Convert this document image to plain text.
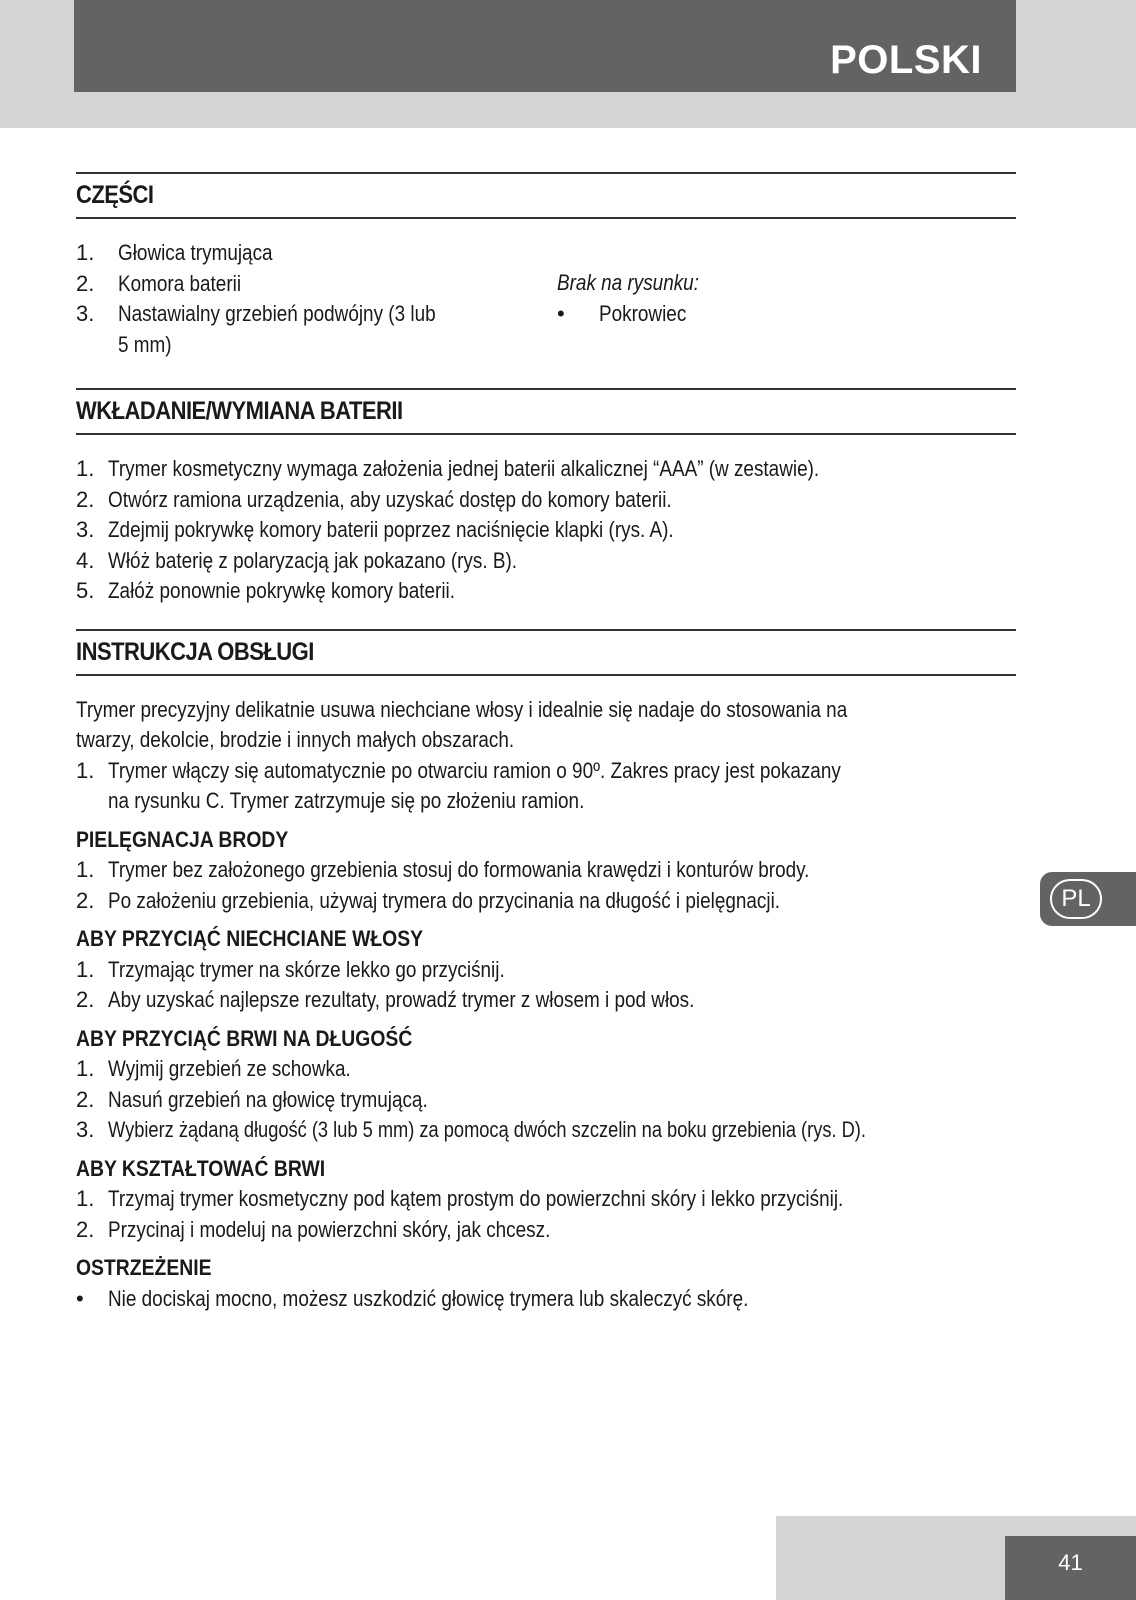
POLSKI
CZĘŚCI
1.	Głowica trymująca
2.	Komora baterii
3.	Nastawialny grzebień podwójny (3 lub
5 mm)
Brak na rysunku:
•	Pokrowiec
WKŁADANIE/WYMIANA BATERII
1. Trymer kosmetyczny wymaga założenia jednej baterii alkalicznej “AAA” (w zestawie).
2. Otwórz ramiona urządzenia, aby uzyskać dostęp do komory baterii.
3. Zdejmij pokrywkę komory baterii poprzez naciśnięcie klapki (rys. A).
4. Włóż baterię z polaryzacją jak pokazano (rys. B).
5. Załóż ponownie pokrywkę komory baterii.
INSTRUKCJA OBSŁUGI
Trymer precyzyjny delikatnie usuwa niechciane włosy i idealnie się nadaje do stosowania na
twarzy, dekolcie, brodzie i innych małych obszarach.
1. Trymer włączy się automatycznie po otwarciu ramion o 90º. Zakres pracy jest pokazany
na rysunku C. Trymer zatrzymuje się po złożeniu ramion.
PIELĘGNACJA BRODY
1. Trymer bez założonego grzebienia stosuj do formowania krawędzi i konturów brody.
2. Po założeniu grzebienia, używaj trymera do przycinania na długość i pielęgnacji.
ABY PRZYCIĄĆ NIECHCIANE WŁOSY
1. Trzymając trymer na skórze lekko go przyciśnij.
2. Aby uzyskać najlepsze rezultaty, prowadź trymer z włosem i pod włos.
ABY PRZYCIĄĆ BRWI NA DŁUGOŚĆ
1. Wyjmij grzebień ze schowka.
2. Nasuń grzebień na głowicę trymującą.
3. Wybierz żądaną długość (3 lub 5 mm) za pomocą dwóch szczelin na boku grzebienia (rys. D).
ABY KSZTAŁTOWAĆ BRWI
1. Trzymaj trymer kosmetyczny pod kątem prostym do powierzchni skóry i lekko przyciśnij.
2. Przycinaj i modeluj na powierzchni skóry, jak chcesz.
OSTRZEŻENIE
•	Nie dociskaj mocno, możesz uszkodzić głowicę trymera lub skaleczyć skórę.
PL
41
